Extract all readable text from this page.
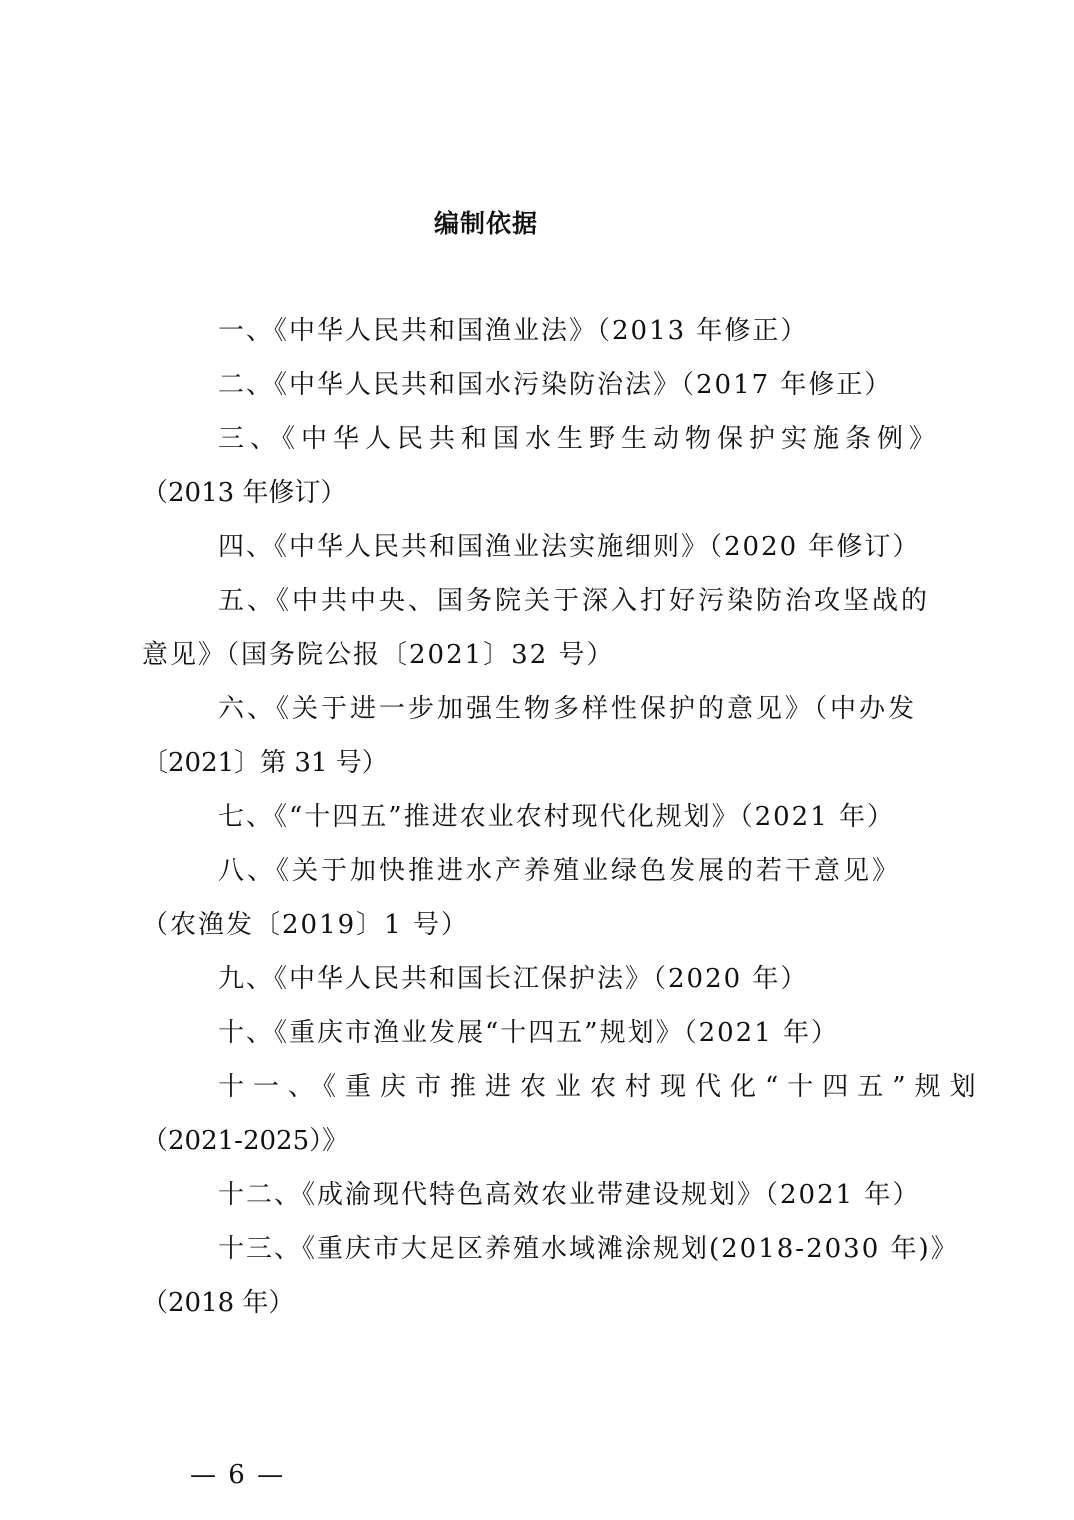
编制依据

一、《中华人民共和国渔业法》（2013 年修正）

二、《中华人民共和国水污染防治法》（2017 年修正）

三、《中华人民共和国水生野生动物保护实施条例》

（2013 年修订）

四、《中华人民共和国渔业法实施细则》（2020 年修订）

五、《中共中央、国务院关于深入打好污染防治攻坚战的

意见》（国务院公报〔2021〕32 号）

六、《关于进一步加强生物多样性保护的意见》（中办发

〔2021〕第 31 号）

七、《“十四五”推进农业农村现代化规划》（2021 年）

八、《关于加快推进水产养殖业绿色发展的若干意见》

（农渔发〔2019〕1 号）

九、《中华人民共和国长江保护法》（2020 年）

十、《重庆市渔业发展“十四五”规划》（2021 年）

十一、《重庆市推进农业农村现代化“十四五”规划

（2021-2025）》

十二、《成渝现代特色高效农业带建设规划》（2021 年）

十三、《重庆市大足区养殖水域滩涂规划(2018-2030 年)》

（2018 年）

— 6 —
